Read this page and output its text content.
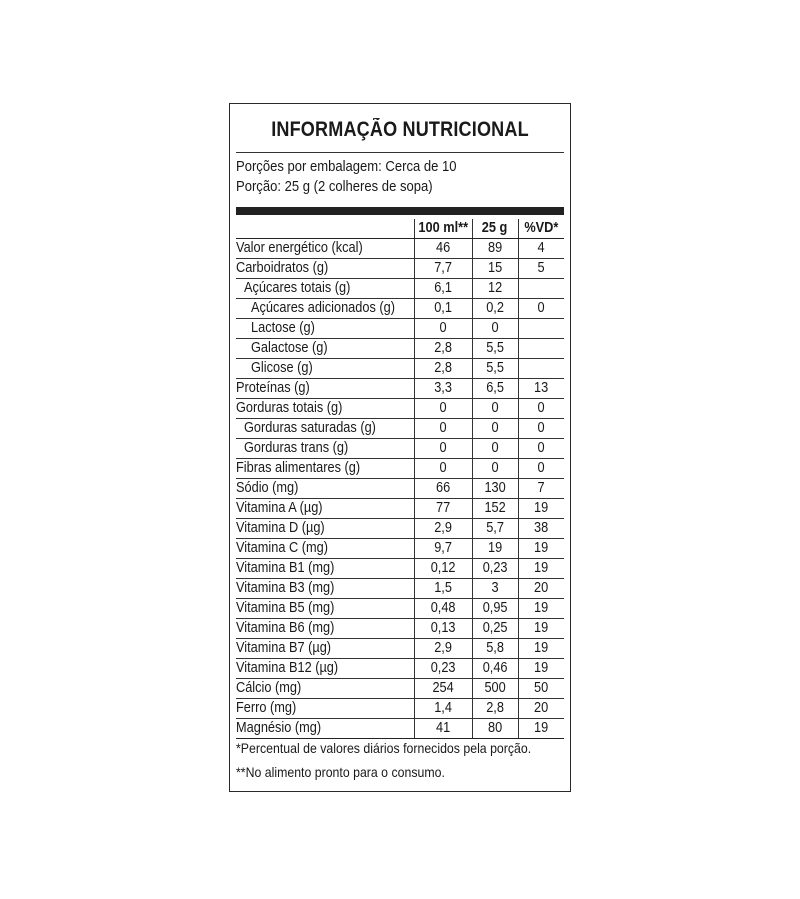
INFORMAÇÃO NUTRICIONAL
Porções por embalagem: Cerca de 10
Porção: 25 g (2 colheres de sopa)
	100 ml**	25 g	%VD*
Valor energético (kcal)	46	89	4
Carboidratos (g)	7,7	15	5
Açúcares totais (g)	6,1	12	
Açúcares adicionados (g)	0,1	0,2	0
Lactose (g)	0	0	
Galactose (g)	2,8	5,5	
Glicose (g)	2,8	5,5	
Proteínas (g)	3,3	6,5	13
Gorduras totais (g)	0	0	0
Gorduras saturadas (g)	0	0	0
Gorduras trans (g)	0	0	0
Fibras alimentares (g)	0	0	0
Sódio (mg)	66	130	7
Vitamina A (µg)	77	152	19
Vitamina D (µg)	2,9	5,7	38
Vitamina C (mg)	9,7	19	19
Vitamina B1 (mg)	0,12	0,23	19
Vitamina B3 (mg)	1,5	3	20
Vitamina B5 (mg)	0,48	0,95	19
Vitamina B6 (mg)	0,13	0,25	19
Vitamina B7 (µg)	2,9	5,8	19
Vitamina B12 (µg)	0,23	0,46	19
Cálcio (mg)	254	500	50
Ferro (mg)	1,4	2,8	20
Magnésio (mg)	41	80	19
*Percentual de valores diários fornecidos pela porção.
**No alimento pronto para o consumo.
